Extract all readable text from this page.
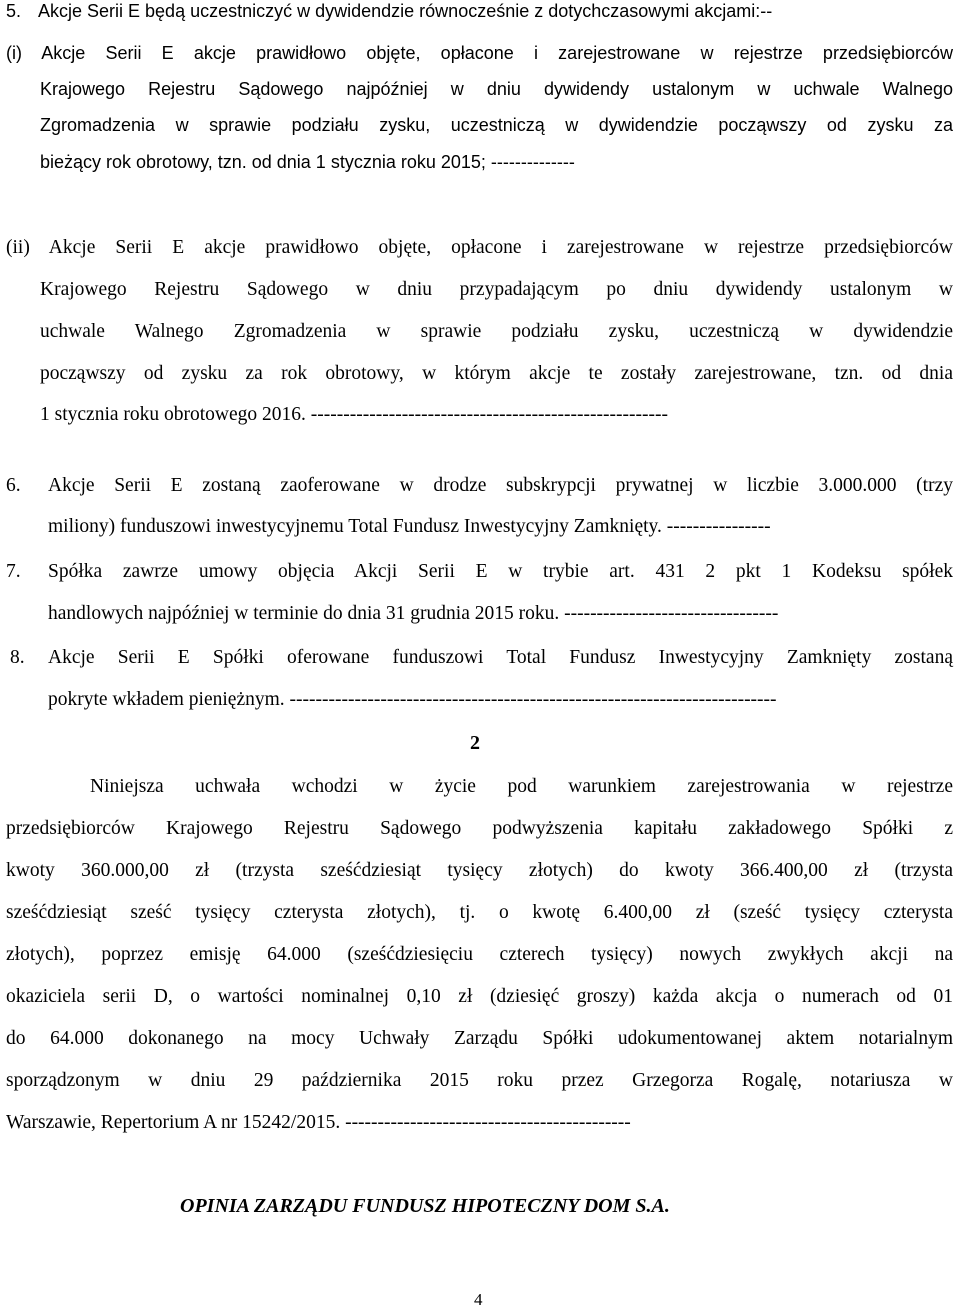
5. Akcje Serii E będą uczestniczyć w dywidendzie równocześnie z dotychczasowymi akcjami:--
(i) Akcje Serii E akcje prawidłowo objęte, opłacone i zarejestrowane w rejestrze przedsiębiorców
Krajowego Rejestru Sądowego najpóźniej w dniu dywidendy ustalonym w uchwale Walnego
Zgromadzenia w sprawie podziału zysku, uczestniczą w dywidendzie począwszy od zysku za
bieżący rok obrotowy, tzn. od dnia 1 stycznia roku 2015; --------------
(ii) Akcje Serii E akcje prawidłowo objęte, opłacone i zarejestrowane w rejestrze przedsiębiorców
Krajowego Rejestru Sądowego w dniu przypadającym po dniu dywidendy ustalonym w
uchwale Walnego Zgromadzenia w sprawie podziału zysku, uczestniczą w dywidendzie
począwszy od zysku za rok obrotowy, w którym akcje te zostały zarejestrowane, tzn. od dnia
1 stycznia roku obrotowego 2016. -------------------------------------------------------
6. Akcje Serii E zostaną zaoferowane w drodze subskrypcji prywatnej w liczbie 3.000.000 (trzy
miliony) funduszowi inwestycyjnemu Total Fundusz Inwestycyjny Zamknięty. ----------------
7. Spółka zawrze umowy objęcia Akcji Serii E w trybie art. 431 2 pkt 1 Kodeksu spółek
handlowych najpóźniej w terminie do dnia 31 grudnia 2015 roku. ---------------------------------
8. Akcje Serii E Spółki oferowane funduszowi Total Fundusz Inwestycyjny Zamknięty zostaną
pokryte wkładem pieniężnym. ---------------------------------------------------------------------------
2
Niniejsza uchwała wchodzi w życie pod warunkiem zarejestrowania w rejestrze
przedsiębiorców Krajowego Rejestru Sądowego podwyższenia kapitału zakładowego Spółki z
kwoty 360.000,00 zł (trzysta sześćdziesiąt tysięcy złotych) do kwoty 366.400,00 zł (trzysta
sześćdziesiąt sześć tysięcy czterysta złotych), tj. o kwotę 6.400,00 zł (sześć tysięcy czterysta
złotych), poprzez emisję 64.000 (sześćdziesięciu czterech tysięcy) nowych zwykłych akcji na
okaziciela serii D, o wartości nominalnej 0,10 zł (dziesięć groszy) każda akcja o numerach od 01
do 64.000 dokonanego na mocy Uchwały Zarządu Spółki udokumentowanej aktem notarialnym
sporządzonym w dniu 29 października 2015 roku przez Grzegorza Rogalę, notariusza w
Warszawie, Repertorium A nr 15242/2015. --------------------------------------------
OPINIA ZARZĄDU FUNDUSZ HIPOTECZNY DOM S.A.
4
